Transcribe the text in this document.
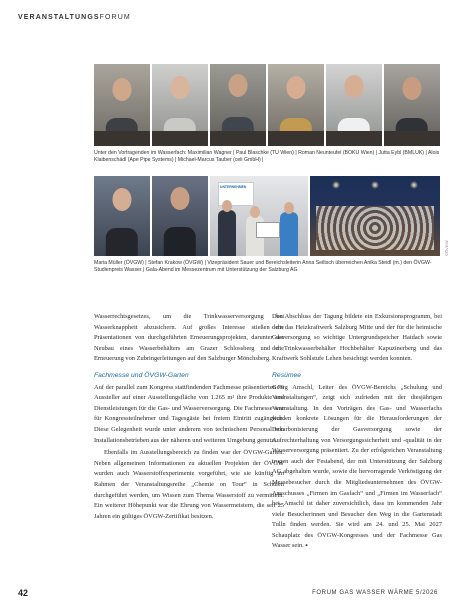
VERANSTALTUNGSFORUM
Unter den Vortragenden im Wasserfach: Maximilian Wagner | Paul Blaschke (TU Wien) | Roman Neunteufel (BOKU Wien) | Jutta Eybl (BMLUK) | Alois Klaibenschädl (Ape Pipe Systems) | Michael-Marcus Tauber (celi GmbH) |
UNTERNEHMEN
©ÖVGW
Maria Müller (ÖVGW) | Stefan Krakow (ÖVGW) | Vizepräsident Sauer und Bereichsleiterin Anna Seiltsch überreichen Anika Steidl (m.) den ÖVGW-Studienpreis Wasser | Gala-Abend im Messezentrum mit Unterstützung der Salzburg AG

Wasserrechtsgesetzes, um die Trinkwasserversorgung bei Wasserknappheit abzusichern. Auf großes Interesse stießen die Präsentationen von durchgeführten Erneuerungsprojekten, darunter der Neubau eines Wasserbehälters am Grazer Schlossberg und die Erneuerung von Zubringerleitungen auf den Salzburger Mönchsberg.

Fachmesse und ÖVGW-Garten

Auf der parallel zum Kongress stattfindenden Fachmesse präsentierten 76 Aussteller auf einer Ausstellungsfläche von 1.265 m² ihre Produkte und Dienstleistungen für die Gas- und Wasserversorgung. Die Fachmesse war für Kongressteilnehmer und Tagesgäste bei freiem Eintritt zugänglich. Diese Gelegenheit wurde unter anderem von technischem Personal von Installationsbetrieben aus der näheren und weiteren Umgebung genutzt.

Ebenfalls im Ausstellungsbereich zu finden war der ÖVGW-Garten. Neben allgemeinen Informationen zu aktuellen Projekten der ÖVGW wurden auch Wasserstoffexperimente vorgeführt, wie sie künftig im Rahmen der Veranstaltungsreihe „Chemie on Tour“ in Schulen durchgeführt werden, um Wissen zum Thema Wasserstoff zu vermitteln. Ein weiterer Höhepunkt war die Ehrung von Wassermeistern, die seit 25 Jahren ein gültiges ÖVGW-Zertifikat besitzen.

Den Abschluss der Tagung bildete ein Exkursionsprogramm, bei dem das Heizkraftwerk Salzburg Mitte und der für die heimische Gasversorgung so wichtige Untergrundspeicher Haidach sowie der Trinkwasserbehälter Hochbehälter Kapuzinerberg und das Kraftwerk Sohlstufe Lehen besichtigt werden konnten.

Resümee

Georg Amschl, Leiter des ÖVGW-Bereichs „Schulung und Veranstaltungen“, zeigt sich zufrieden mit der diesjährigen Veranstaltung. In den Vorträgen des Gas- und Wasserfachs wurden konkrete Lösungen für die Herausforderungen der Dekarbonisierung der Gasversorgung sowie der Aufrechterhaltung von Versorgungssicherheit und -qualität in der Wasserversorgung präsentiert. Zu der erfolgreichen Veranstaltung trugen auch der Festabend, der mit Unterstützung der Salzburg AG abgehalten wurde, sowie die hervorragende Verköstigung der Messebesucher durch die Mitgliedsunternehmen des ÖVGW-Ausschusses „Firmen im Gasfach“ und „Firmen im Wasserfach“ bei. Amschl ist daher zuversichtlich, dass im kommenden Jahr viele Besucherinnen und Besucher den Weg in die Gartenstadt Tulln finden werden. Sie wird am 24. und 25. Mai 2027 Schauplatz des ÖVGW-Kongresses und der Fachmesse Gas Wasser sein. ▪

42	FORUM GAS WASSER WÄRME 5/2026
